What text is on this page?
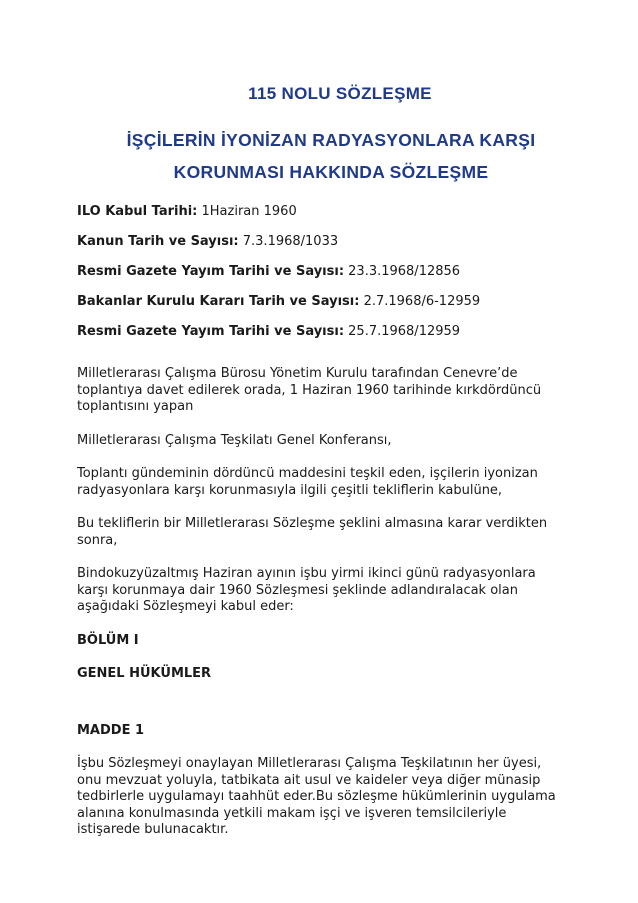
115 NOLU SÖZLEŞME
İŞÇİLERİN İYONİZAN RADYASYONLARA KARŞI
KORUNMASI HAKKINDA SÖZLEŞME
ILO Kabul Tarihi: 1Haziran 1960
Kanun Tarih ve Sayısı: 7.3.1968/1033
Resmi Gazete Yayım Tarihi ve Sayısı: 23.3.1968/12856
Bakanlar Kurulu Kararı Tarih ve Sayısı: 2.7.1968/6-12959
Resmi Gazete Yayım Tarihi ve Sayısı: 25.7.1968/12959

Milletlerarası Çalışma Bürosu Yönetim Kurulu tarafından Cenevre’de
toplantıya davet edilerek orada, 1 Haziran 1960 tarihinde kırkdördüncü
toplantısını yapan

Milletlerarası Çalışma Teşkilatı Genel Konferansı,

Toplantı gündeminin dördüncü maddesini teşkil eden, işçilerin iyonizan
radyasyonlara karşı korunmasıyla ilgili çeşitli tekliflerin kabulüne,

Bu tekliflerin bir Milletlerarası Sözleşme şeklini almasına karar verdikten
sonra,

Bindokuzyüzaltmış Haziran ayının işbu yirmi ikinci günü radyasyonlara
karşı korunmaya dair 1960 Sözleşmesi şeklinde adlandıralacak olan
aşağıdaki Sözleşmeyi kabul eder:

BÖLÜM I
GENEL HÜKÜMLER
MADDE 1

İşbu Sözleşmeyi onaylayan Milletlerarası Çalışma Teşkilatının her üyesi,
onu mevzuat yoluyla, tatbikata ait usul ve kaideler veya diğer münasip
tedbirlerle uygulamayı taahhüt eder.Bu sözleşme hükümlerinin uygulama
alanına konulmasında yetkili makam işçi ve işveren temsilcileriyle
istişarede bulunacaktır.
